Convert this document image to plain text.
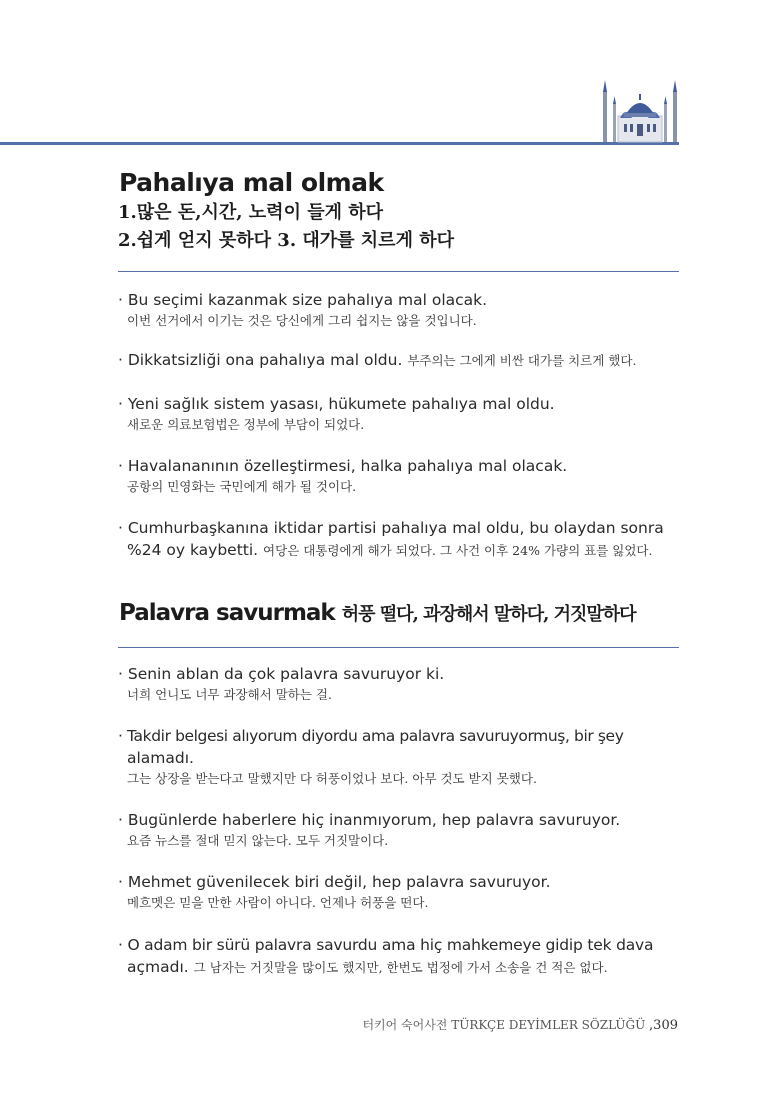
Pahalıya mal olmak

1.많은 돈,시간, 노력이 들게 하다

2.쉽게 얻지 못하다 3. 대가를 치르게 하다

· Bu seçimi kazanmak size pahalıya mal olacak.
이번 선거에서 이기는 것은 당신에게 그리 쉽지는 않을 것입니다.
· Dikkatsizliği ona pahalıya mal oldu. 부주의는 그에게 비싼 대가를 치르게 했다.
· Yeni sağlık sistem yasası, hükumete pahalıya mal oldu.
새로운 의료보험법은 정부에 부담이 되었다.
· Havalananının özelleştirmesi, halka pahalıya mal olacak.
공항의 민영화는 국민에게 해가 될 것이다.
· Cumhurbaşkanına iktidar partisi pahalıya mal oldu, bu olaydan sonra
%24 oy kaybetti. 여당은 대통령에게 해가 되었다. 그 사건 이후 24% 가량의 표를 잃었다.
Palavra savurmak 허풍 떨다, 과장해서 말하다, 거짓말하다
· Senin ablan da çok palavra savuruyor ki.
너희 언니도 너무 과장해서 말하는 걸.
· Takdir belgesi alıyorum diyordu ama palavra savuruyormuş, bir şey
alamadı.
그는 상장을 받는다고 말했지만 다 허풍이었나 보다. 아무 것도 받지 못했다.
· Bugünlerde haberlere hiç inanmıyorum, hep palavra savuruyor.
요즘 뉴스를 절대 믿지 않는다. 모두 거짓말이다.
· Mehmet güvenilecek biri değil, hep palavra savuruyor.
메흐멧은 믿을 만한 사람이 아니다. 언제나 허풍을 떤다.
· O adam bir sürü palavra savurdu ama hiç mahkemeye gidip tek dava
açmadı. 그 남자는 거짓말을 많이도 했지만, 한번도 법정에 가서 소송을 건 적은 없다.
터키어 숙어사전 TÜRKÇE DEYİMLER SÖZLÜĞÜ ,309
